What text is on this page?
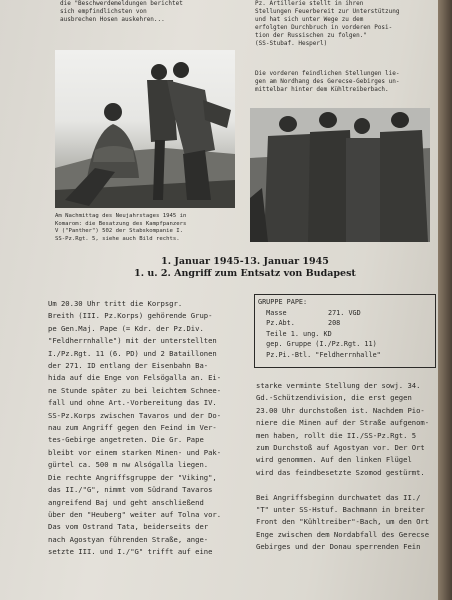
die "Beschwerdemeldungen berichtet
sich empfindlichsten von
ausbrechen Hosen auskehren...
Pz. Artillerie stellt in ihren
Stellungen Feuerbereit zur Unterstützung
und hat sich unter Wege zu dem
erfolgten Durchbruch in vorderen Posi-
tion der Russischen zu folgen."
(SS-Stubaf. Hesperl)
Die vorderen feindlichen Stellungen lie-
gen am Nordhang des Gerecse-Gebirges un-
mittelbar hinter dem Kühltreiberbach.
Am Nachmittag des Neujahrstages 1945 in
Komarom: die Besatzung des Kampfpanzers
V ("Panther") 502 der Stabskompanie I.
SS-Pz.Rgt. 5, siehe auch Bild rechts.
1. Januar 1945-13. Januar 1945
1. u. 2. Angriff zum Entsatz von Budapest
Um 20.30 Uhr tritt die Korpsgr.
Breith (III. Pz.Korps) gehörende Grup-
pe Gen.Maj. Pape (= Kdr. der Pz.Div.
"Feldherrnhalle") mit der unterstellten
I./Pz.Rgt. 11 (6. PD) und 2 Bataillonen
der 271. ID entlang der Eisenbahn Ba-
hida auf die Enge von Felsögalla an. Ei-
ne Stunde später zu bei leichtem Schnee-
fall und ohne Art.-Vorbereitung das IV.
SS-Pz.Korps zwischen Tavaros und der Do-
nau zum Angriff gegen den Feind im Ver-
tes-Gebirge angetreten. Die Gr. Pape
bleibt vor einem starken Minen- und Pak-
gürtel ca. 500 m nw Alsógalla liegen.
Die rechte Angriffsgruppe der "Viking",
das II./"G", nimmt vom Südrand Tavaros
angreifend Baj und geht anschließend
über den "Heuberg" weiter auf Tolna vor.
Das vom Ostrand Tata, beiderseits der
nach Agostyan führenden Straße, ange-
setzte III. und I./"G" trifft auf eine
GRUPPE PAPE:
Masse	271. VGD
Pz.Abt.	208
Teile 1. ung. KD
gep. Gruppe (I./Pz.Rgt. 11)
Pz.Pi.-Btl. "Feldherrnhalle"
starke verminte Stellung der sowj. 34.
Gd.-Schützendivision, die erst gegen
23.00 Uhr durchstoßen ist. Nachdem Pio-
niere die Minen auf der Straße aufgenom-
men haben, rollt die II./SS-Pz.Rgt. 5
zum Durchstoß auf Agostyan vor. Der Ort
wird genommen. Auf den linken Flügel
wird das feindbesetzte Szomod gestürmt.

Bei Angriffsbeginn durchwatet das II./
"T" unter SS-Hstuf. Bachmann in breiter
Front den "Kühltreiber"-Bach, um den Ort
Enge zwischen dem Nordabfall des Gerecse
Gebirges und der Donau sperrenden Fein
